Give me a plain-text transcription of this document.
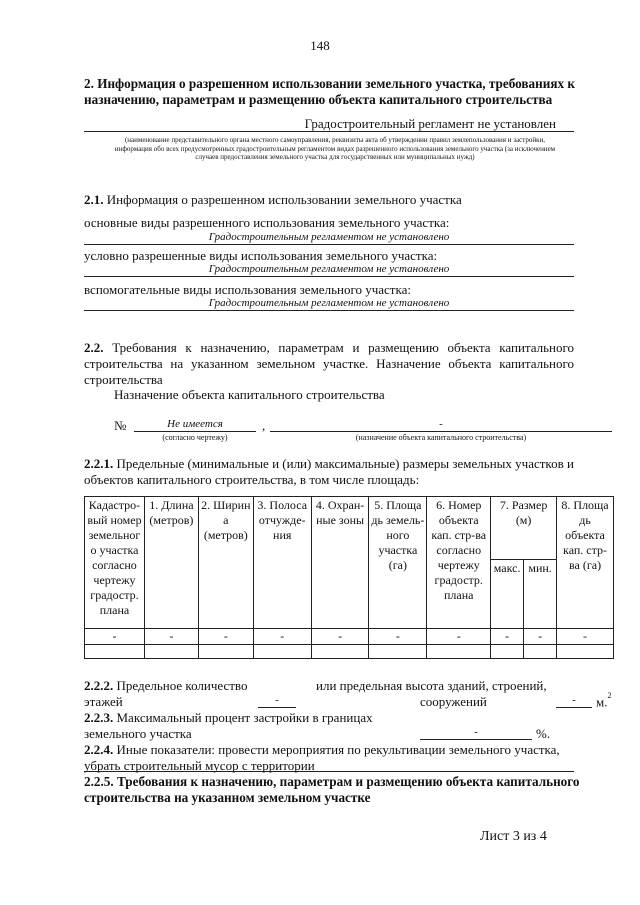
148
2. Информация о разрешенном использовании земельного участка, требованиях к назначению, параметрам и размещению объекта капитального строительства
Градостроительный регламент не установлен
(наименование представительного органа местного самоуправления, реквизиты акта об утверждении правил землепользования и застройки, информация обо всех предусмотренных градостроительным регламентом видах разрешенного использования земельного участка (за исключением случаев предоставления земельного участка для государственных или муниципальных нужд)
2.1. Информация о разрешенном использовании земельного участка
основные виды разрешенного использования земельного участка:
Градостроительным регламентом не установлено
условно разрешенные виды использования земельного участка:
Градостроительным регламентом не установлено
вспомогательные виды использования земельного участка:
Градостроительным регламентом не установлено
2.2. Требования к назначению, параметрам и размещению объекта капитального строительства на указанном земельном участке. Назначение объекта капитального строительства
Назначение объекта капитального строительства
№	Не имеется	,	-
(согласно чертежу)	(назначение объекта капитального строительства)
2.2.1. Предельные (минимальные и (или) максимальные) размеры земельных участков и объектов капитального строительства, в том числе площадь:
Кадастро-вый номер земельног о участка согласно чертежу градостр. плана	1. Длина (метров)	2. Ширин а (метров)	3. Полоса отчужде-ния	4. Охран-ные зоны	5. Площа дь земель-ного участка (га)	6. Номер объекта кап. стр-ва согласно чертежу градостр. плана	7. Размер (м)		8. Площа дь объекта кап. стр-ва (га)
							макс.	мин.	
-	-	-	-	-	-	-	-	-	-

2.2.2. Предельное количество
этажей	-
или предельная высота зданий, строений,
сооружений	-	м.$^2$
2.2.3. Максимальный процент застройки в границах
земельного участка	-	%.
2.2.4. Иные показатели: провести мероприятия по рекультивации земельного участка, убрать строительный мусор с территории
2.2.5. Требования к назначению, параметрам и размещению объекта капитального строительства на указанном земельном участке
Лист 3 из 4
